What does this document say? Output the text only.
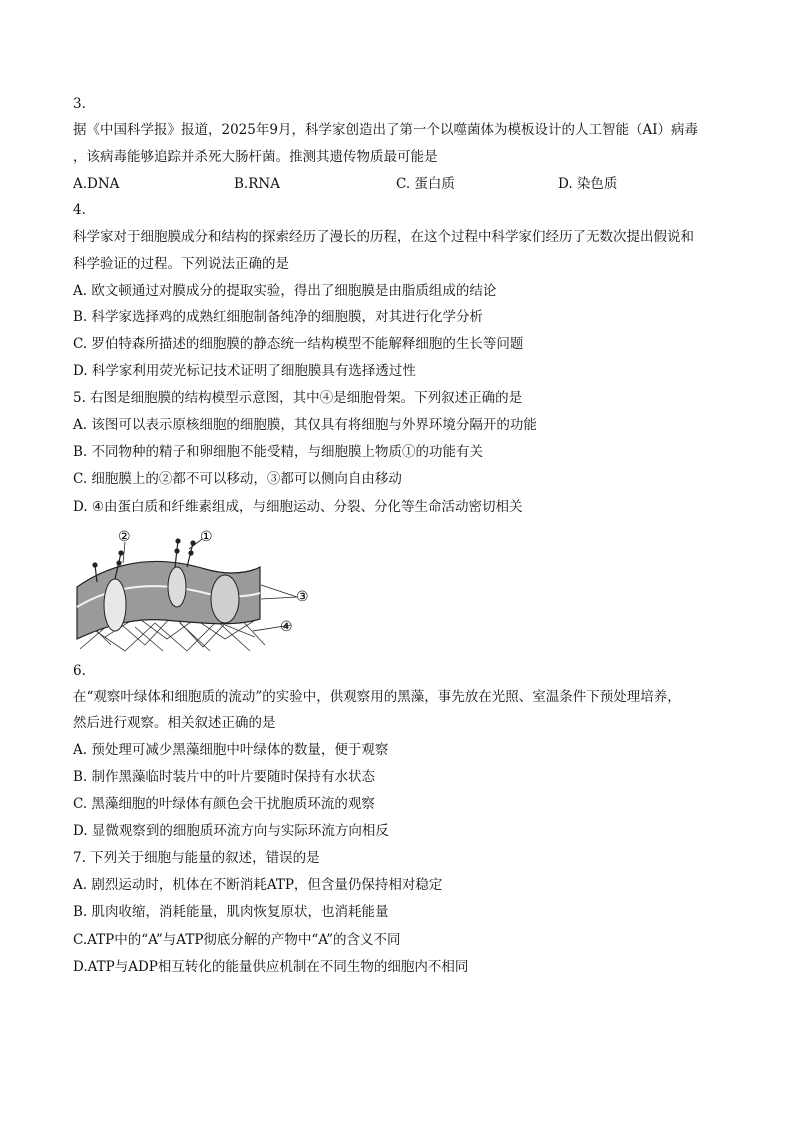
3.
据《中国科学报》报道，2025年9月，科学家创造出了第一个以噬菌体为模板设计的人工智能（AI）病毒
，该病毒能够追踪并杀死大肠杆菌。推测其遗传物质最可能是
A.DNA	B.RNA	C. 蛋白质	D. 染色质
4.
科学家对于细胞膜成分和结构的探索经历了漫长的历程，在这个过程中科学家们经历了无数次提出假说和
科学验证的过程。下列说法正确的是
A. 欧文顿通过对膜成分的提取实验，得出了细胞膜是由脂质组成的结论
B. 科学家选择鸡的成熟红细胞制备纯净的细胞膜，对其进行化学分析
C. 罗伯特森所描述的细胞膜的静态统一结构模型不能解释细胞的生长等问题
D. 科学家利用荧光标记技术证明了细胞膜具有选择透过性
5. 右图是细胞膜的结构模型示意图，其中④是细胞骨架。下列叙述正确的是
A. 该图可以表示原核细胞的细胞膜，其仅具有将细胞与外界环境分隔开的功能
B. 不同物种的精子和卵细胞不能受精，与细胞膜上物质①的功能有关
C. 细胞膜上的②都不可以移动，③都可以侧向自由移动
D. ④由蛋白质和纤维素组成，与细胞运动、分裂、分化等生命活动密切相关
②	①
③
④
6.
在“观察叶绿体和细胞质的流动”的实验中，供观察用的黑藻，事先放在光照、室温条件下预处理培养，
然后进行观察。相关叙述正确的是
A. 预处理可减少黑藻细胞中叶绿体的数量，便于观察
B. 制作黑藻临时装片中的叶片要随时保持有水状态
C. 黑藻细胞的叶绿体有颜色会干扰胞质环流的观察
D. 显微观察到的细胞质环流方向与实际环流方向相反
7. 下列关于细胞与能量的叙述，错误的是
A. 剧烈运动时，机体在不断消耗ATP，但含量仍保持相对稳定
B. 肌肉收缩，消耗能量，肌肉恢复原状，也消耗能量
C.ATP中的“A”与ATP彻底分解的产物中“A”的含义不同
D.ATP与ADP相互转化的能量供应机制在不同生物的细胞内不相同
